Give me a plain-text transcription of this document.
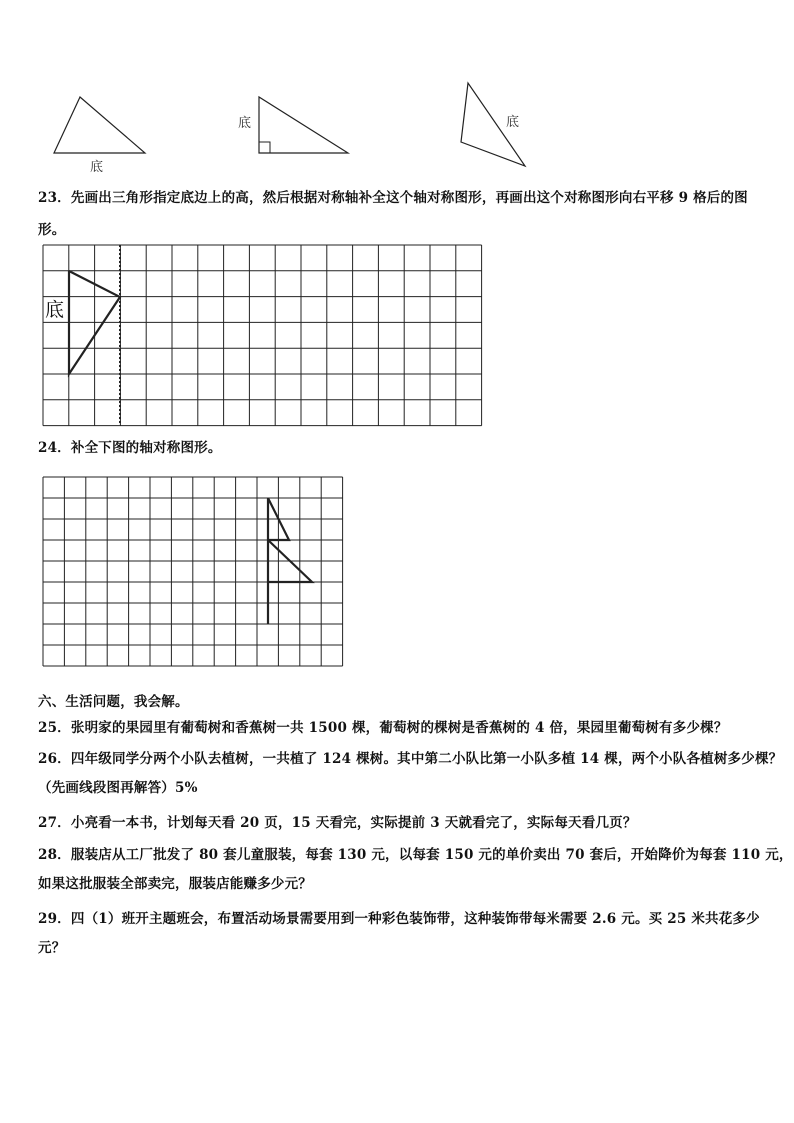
底
底	底
23．先画出三角形指定底边上的高，然后根据对称轴补全这个轴对称图形，再画出这个对称图形向右平移 9 格后的图
形。
底
24．补全下图的轴对称图形。
六、生活问题，我会解。
25．张明家的果园里有葡萄树和香蕉树一共 1500 棵，葡萄树的棵树是香蕉树的 4 倍，果园里葡萄树有多少棵？
26．四年级同学分两个小队去植树，一共植了 124 棵树。其中第二小队比第一小队多植 14 棵，两个小队各植树多少棵？
（先画线段图再解答）5%
27．小亮看一本书，计划每天看 20 页，15 天看完，实际提前 3 天就看完了，实际每天看几页？
28．服装店从工厂批发了 80 套儿童服装，每套 130 元，以每套 150 元的单价卖出 70 套后，开始降价为每套 110 元，
如果这批服装全部卖完，服装店能赚多少元？
29．四（1）班开主题班会，布置活动场景需要用到一种彩色装饰带，这种装饰带每米需要 2.6 元。买 25 米共花多少
元？
